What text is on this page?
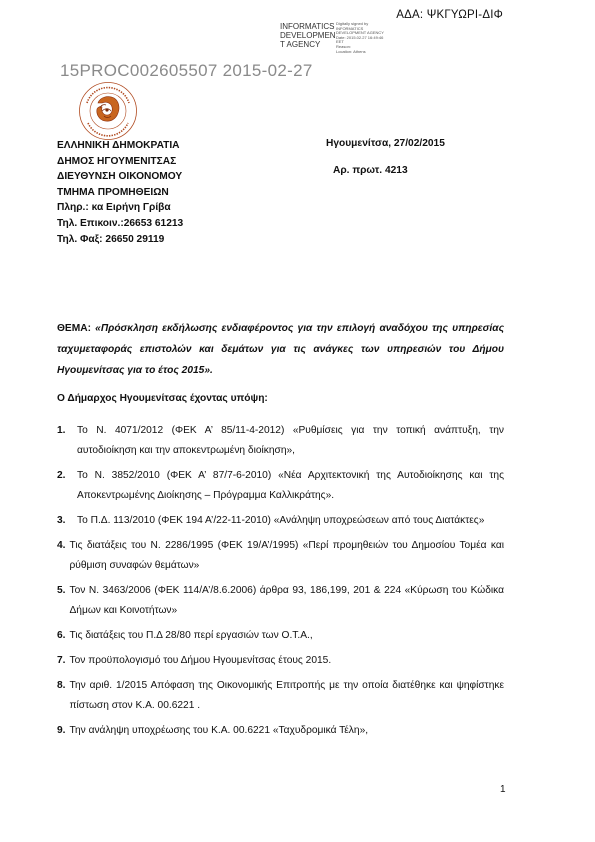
ΑΔΑ: ΨΚΓΥΩΡΙ-ΔΙΦ
INFORMATICS
DEVELOPMEN
T AGENCY
Digitally signed by
INFORMATICS
DEVELOPMENT AGENCY
Date: 2015.02.27 16:49:46
EET
Reason:
Location: Athens
15PROC002605507 2015-02-27
ΕΛΛΗΝΙΚΗ ΔΗΜΟΚΡΑΤΙΑ
ΔΗΜΟΣ ΗΓΟΥΜΕΝΙΤΣΑΣ
ΔΙΕΥΘΥΝΣΗ ΟΙΚΟΝΟΜΟΥ
ΤΜΗΜΑ ΠΡΟΜΗΘΕΙΩΝ
Πληρ.: κα Ειρήνη Γρίβα
Τηλ. Επικοιν.:26653 61213
Τηλ. Φαξ: 26650 29119
Ηγουμενίτσα, 27/02/2015
Αρ. πρωτ. 4213
ΘΕΜΑ: «Πρόσκληση εκδήλωσης ενδιαφέροντος για την επιλογή αναδόχου της υπηρεσίας ταχυμεταφοράς επιστολών και δεμάτων για τις ανάγκες των υπηρεσιών του Δήμου Ηγουμενίτσας για το έτος 2015».
Ο Δήμαρχος Ηγουμενίτσας έχοντας υπόψη:
1.	Το Ν. 4071/2012 (ΦΕΚ Α’ 85/11-4-2012) «Ρυθμίσεις για την τοπική ανάπτυξη, την αυτοδιοίκηση και την αποκεντρωμένη διοίκηση»,
2.	Το Ν. 3852/2010 (ΦΕΚ Α’ 87/7-6-2010) «Νέα Αρχιτεκτονική της Αυτοδιοίκησης και της Αποκεντρωμένης Διοίκησης – Πρόγραμμα Καλλικράτης».
3.	Το Π.Δ. 113/2010 (ΦΕΚ 194 Α’/22-11-2010) «Ανάληψη υποχρεώσεων από τους Διατάκτες»
4. Τις διατάξεις του Ν. 2286/1995 (ΦΕΚ 19/Α’/1995) «Περί προμηθειών του Δημοσίου Τομέα και ρύθμιση συναφών θεμάτων»
5. Τον Ν. 3463/2006 (ΦΕΚ 114/Α’/8.6.2006) άρθρα 93, 186,199, 201 & 224 «Κύρωση του Κώδικα Δήμων και Κοινοτήτων»
6. Τις διατάξεις του Π.Δ 28/80 περί εργασιών των Ο.Τ.Α.,
7. Τον προϋπολογισμό του Δήμου Ηγουμενίτσας έτους 2015.
8. Την αριθ. 1/2015 Απόφαση της Οικονομικής Επιτροπής με την οποία διατέθηκε και ψηφίστηκε πίστωση στον Κ.Α. 00.6221 .
9. Την ανάληψη υποχρέωσης του Κ.Α. 00.6221 «Ταχυδρομικά Τέλη»,
1
